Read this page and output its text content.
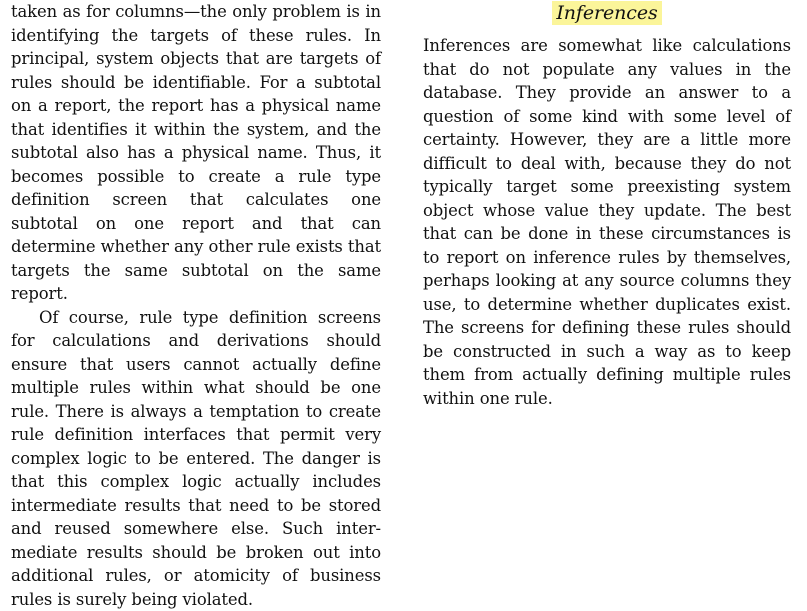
taken as for columns—the only problem is in identifying the targets of these rules. In principal, system objects that are targets of rules should be identifiable. For a subtotal on a report, the report has a physical name that identifies it within the system, and the subtotal also has a physical name. Thus, it becomes possible to create a rule type definition screen that calculates one subtotal on one report and that can determine whether any other rule exists that targets the same subtotal on the same report.

Of course, rule type definition screens for calculations and derivations should ensure that users cannot actually define multiple rules within what should be one rule. There is always a temptation to create rule definition interfaces that permit very complex logic to be entered. The danger is that this complex logic actually includes intermediate results that need to be stored and reused somewhere else. Such inter-mediate results should be broken out into additional rules, or atomicity of business rules is surely being violated.

Inferences

Inferences are somewhat like calculations that do not populate any values in the database. They provide an answer to a question of some kind with some level of certainty. However, they are a little more difficult to deal with, because they do not typically target some preexisting system object whose value they update. The best that can be done in these circumstances is to report on inference rules by themselves, perhaps looking at any source columns they use, to determine whether duplicates exist. The screens for defining these rules should be constructed in such a way as to keep them from actually defining multiple rules within one rule.
